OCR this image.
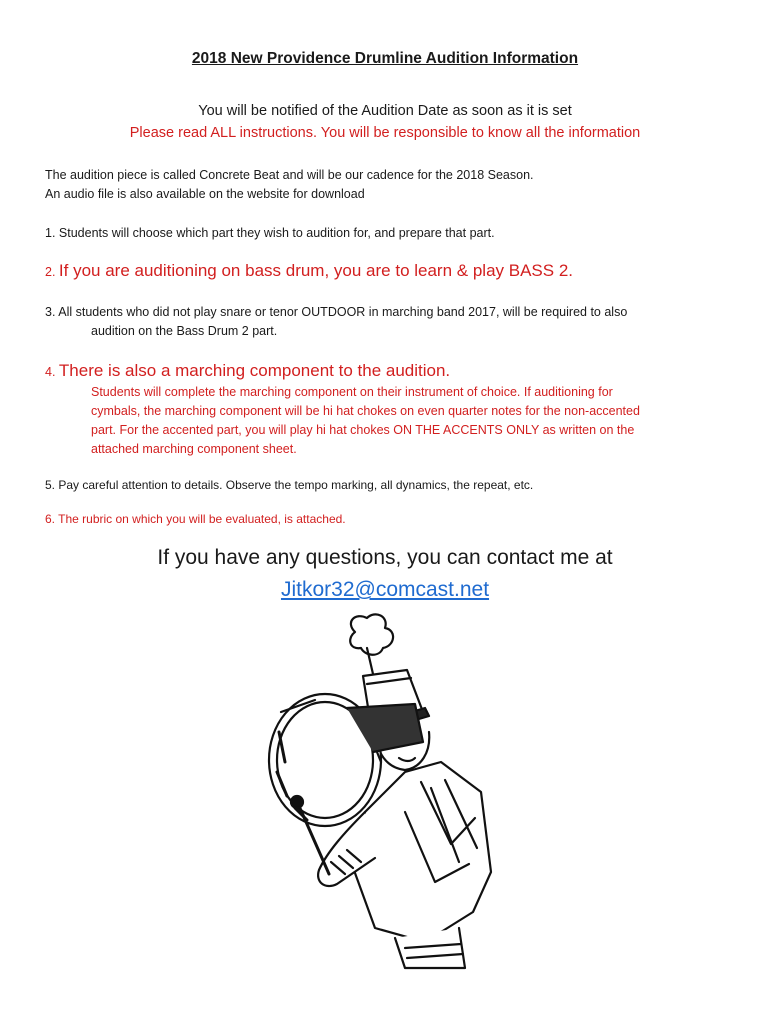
2018 New Providence Drumline Audition Information
You will be notified of the Audition Date as soon as it is set
Please read ALL instructions. You will be responsible to know all the information
The audition piece is called Concrete Beat and will be our cadence for the 2018 Season.
An audio file is also available on the website for download
1. Students will choose which part they wish to audition for, and prepare that part.
2. If you are auditioning on bass drum, you are to learn & play BASS 2.
3. All students who did not play snare or tenor OUTDOOR in marching band 2017, will be required to also
audition on the Bass Drum 2 part.
4. There is also a marching component to the audition.
Students will complete the marching component on their instrument of choice. If auditioning for
cymbals, the marching component will be hi hat chokes on even quarter notes for the non-accented
part. For the accented part, you will play hi hat chokes ON THE ACCENTS ONLY as written on the
attached marching component sheet.
5. Pay careful attention to details. Observe the tempo marking, all dynamics, the repeat, etc.
6. The rubric on which you will be evaluated, is attached.
If you have any questions, you can contact me at
Jitkor32@comcast.net
